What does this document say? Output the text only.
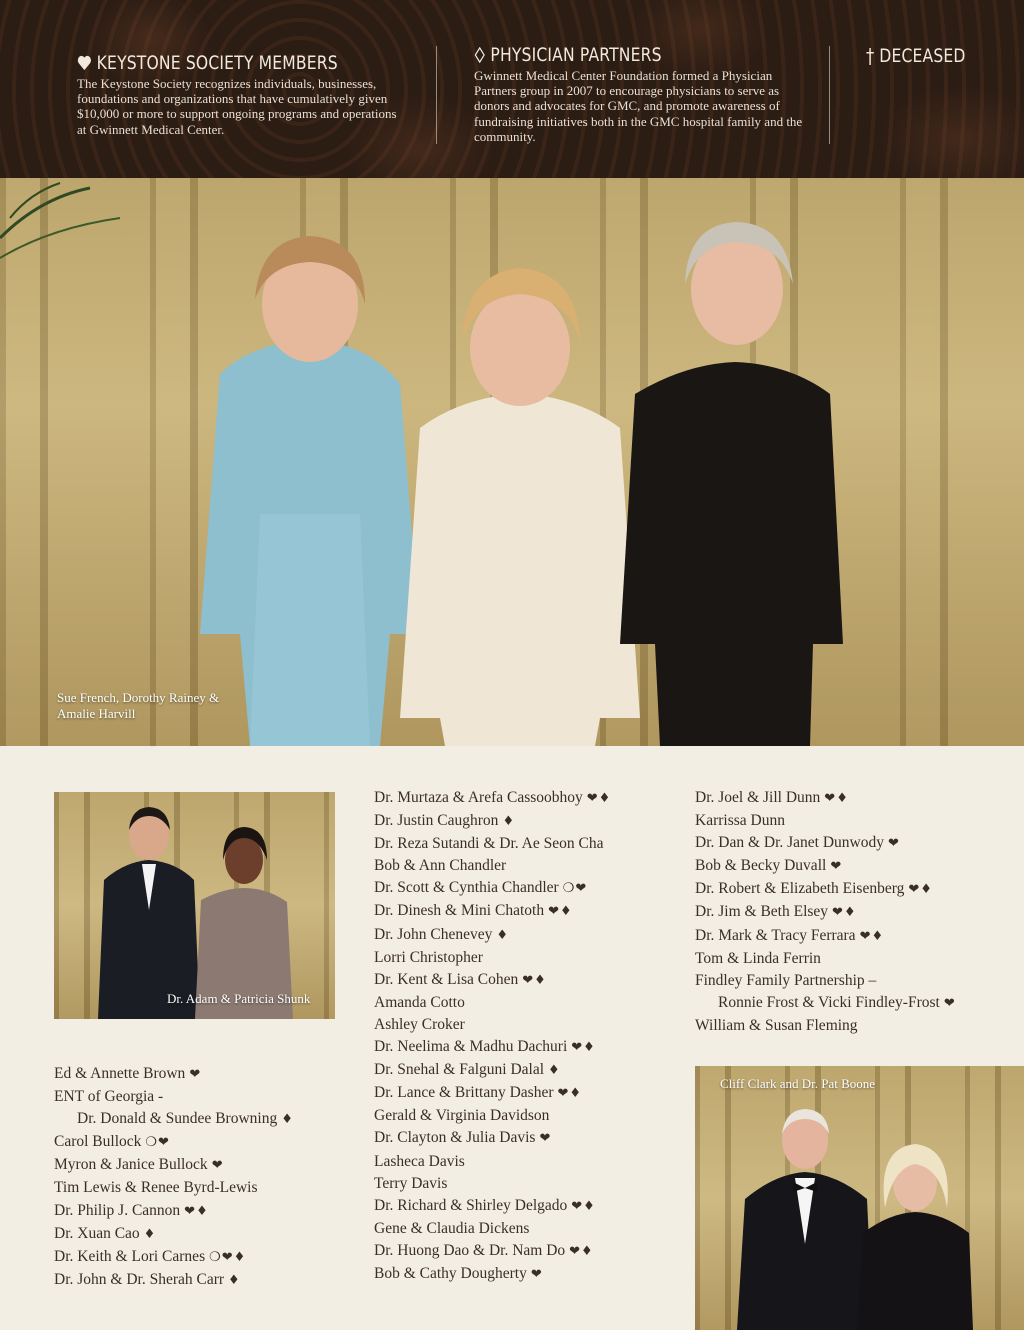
KEYSTONE SOCIETY MEMBERS

The Keystone Society recognizes individuals, businesses, foundations and organizations that have cumulatively given $10,000 or more to support ongoing programs and operations at Gwinnett Medical Center.

PHYSICIAN PARTNERS

Gwinnett Medical Center Foundation formed a Physician Partners group in 2007 to encourage physicians to serve as donors and advocates for GMC, and promote awareness of fundraising initiatives both in the GMC hospital family and the community.

† DECEASED
Sue French, Dorothy Rainey &
Amalie Harvill
Dr. Adam & Patricia Shunk
Cliff Clark and Dr. Pat Boone
Ed & Annette Brown ❤
ENT of Georgia -
Dr. Donald & Sundee Browning ♦
Carol Bullock ❍❤
Myron & Janice Bullock ❤
Tim Lewis & Renee Byrd-Lewis
Dr. Philip J. Cannon ❤♦
Dr. Xuan Cao ♦
Dr. Keith & Lori Carnes ❍❤♦
Dr. John & Dr. Sherah Carr ♦
Dr. Murtaza & Arefa Cassoobhoy ❤♦
Dr. Justin Caughron ♦
Dr. Reza Sutandi & Dr. Ae Seon Cha
Bob & Ann Chandler
Dr. Scott & Cynthia Chandler ❍❤
Dr. Dinesh & Mini Chatoth ❤♦
Dr. John Chenevey ♦
Lorri Christopher
Dr. Kent & Lisa Cohen ❤♦
Amanda Cotto
Ashley Croker
Dr. Neelima & Madhu Dachuri ❤♦
Dr. Snehal & Falguni Dalal ♦
Dr. Lance & Brittany Dasher ❤♦
Gerald & Virginia Davidson
Dr. Clayton & Julia Davis ❤
Lasheca Davis
Terry Davis
Dr. Richard & Shirley Delgado ❤♦
Gene & Claudia Dickens
Dr. Huong Dao & Dr. Nam Do ❤♦
Bob & Cathy Dougherty ❤
Dr. Joel & Jill Dunn ❤♦
Karrissa Dunn
Dr. Dan & Dr. Janet Dunwody ❤
Bob & Becky Duvall ❤
Dr. Robert & Elizabeth Eisenberg ❤♦
Dr. Jim & Beth Elsey ❤♦
Dr. Mark & Tracy Ferrara ❤♦
Tom & Linda Ferrin
Findley Family Partnership –
Ronnie Frost & Vicki Findley-Frost ❤
William & Susan Fleming
